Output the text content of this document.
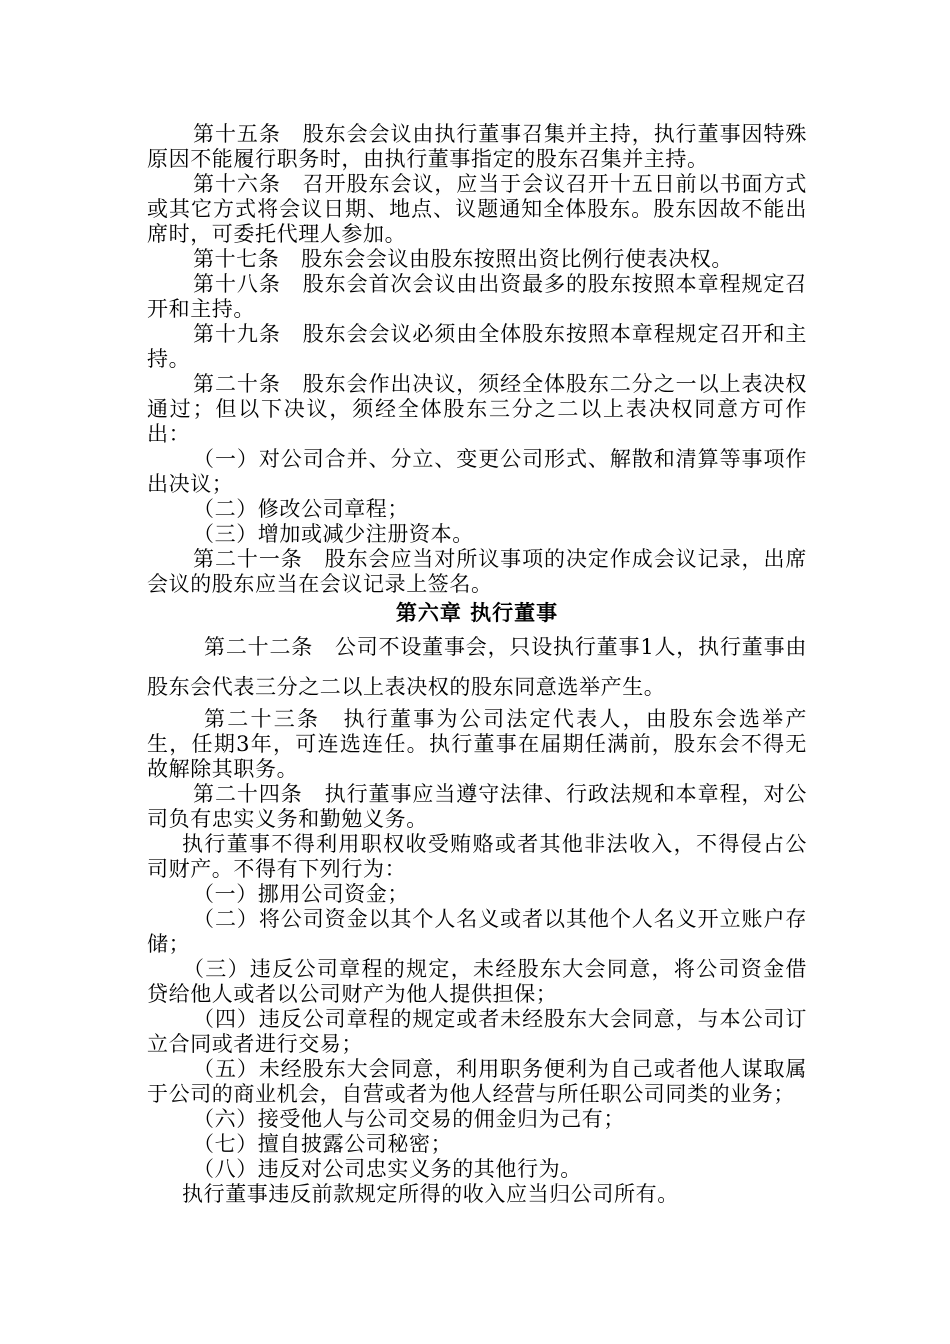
第十五条　股东会会议由执行董事召集并主持，执行董事因特殊原因不能履行职务时，由执行董事指定的股东召集并主持。

第十六条　召开股东会议，应当于会议召开十五日前以书面方式或其它方式将会议日期、地点、议题通知全体股东。股东因故不能出席时，可委托代理人参加。

第十七条　股东会会议由股东按照出资比例行使表决权。

第十八条　股东会首次会议由出资最多的股东按照本章程规定召开和主持。

第十九条　股东会会议必须由全体股东按照本章程规定召开和主持。

第二十条　股东会作出决议，须经全体股东二分之一以上表决权通过；但以下决议，须经全体股东三分之二以上表决权同意方可作出：

（一）对公司合并、分立、变更公司形式、解散和清算等事项作出决议；

（二）修改公司章程；

（三）增加或减少注册资本。

第二十一条　股东会应当对所议事项的决定作成会议记录，出席会议的股东应当在会议记录上签名。

第六章 执行董事

第二十二条　公司不设董事会，只设执行董事1人，执行董事由股东会代表三分之二以上表决权的股东同意选举产生。

第二十三条　执行董事为公司法定代表人，由股东会选举产生，任期3年，可连选连任。执行董事在届期任满前，股东会不得无故解除其职务。

第二十四条　执行董事应当遵守法律、行政法规和本章程，对公司负有忠实义务和勤勉义务。

执行董事不得利用职权收受贿赂或者其他非法收入，不得侵占公司财产。不得有下列行为：

（一）挪用公司资金；

（二）将公司资金以其个人名义或者以其他个人名义开立账户存储；

（三）违反公司章程的规定，未经股东大会同意，将公司资金借贷给他人或者以公司财产为他人提供担保；

（四）违反公司章程的规定或者未经股东大会同意，与本公司订立合同或者进行交易；

（五）未经股东大会同意，利用职务便利为自己或者他人谋取属于公司的商业机会，自营或者为他人经营与所任职公司同类的业务；

（六）接受他人与公司交易的佣金归为己有；

（七）擅自披露公司秘密；

（八）违反对公司忠实义务的其他行为。

执行董事违反前款规定所得的收入应当归公司所有。
